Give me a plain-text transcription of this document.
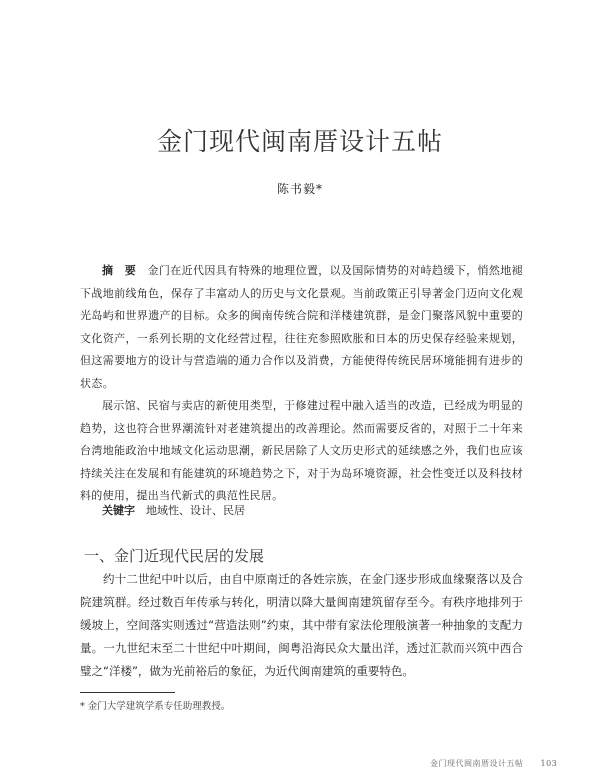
金门现代闽南厝设计五帖
陈书毅*

摘　要　 金门在近代因具有特殊的地理位置，以及国际情势的对峙趋缓下，悄然地褪下战地前线角色，保存了丰富动人的历史与文化景观。当前政策正引导著金门迈向文化观光岛屿和世界遗产的目标。众多的闽南传统合院和洋楼建筑群，是金门聚落风貌中重要的文化资产，一系列长期的文化经营过程，往往充参照欧胀和日本的历史保存经验来规划，但这需要地方的设计与营造端的通力合作以及消费，方能使得传统民居环境能拥有进步的状态。

展示馆、民宿与卖店的新使用类型，于修建过程中融入适当的改造，已经成为明显的趋势，这也符合世界潮流针对老建筑提出的改善理论。然而需要反省的，对照于二十年来台湾地能政治中地域文化运动思潮，新民居除了人文历史形式的延续感之外，我们也应该持续关注在发展和有能建筑的环境趋势之下，对于为岛环境资源，社会性变迁以及科技材料的使用，提出当代新式的典范性民居。

关键字　 地域性、设计、民居
一、金门近现代民居的发展

约十二世纪中叶以后，由自中原南迁的各姓宗族，在金门逐步形成血缘聚落以及合院建筑群。经过数百年传承与转化，明清以降大量闽南建筑留存至今。有秩序地排列于缓坡上，空间落实则透过“营造法则”约束，其中带有家法伦理般演著一种抽象的支配力量。一九世纪末至二十世纪中叶期间，闽粤沿海民众大量出洋，透过汇款而兴筑中西合璧之“洋楼”，做为光前裕后的象征，为近代闽南建筑的重要特色。

* 金门大学建筑学系专任助理教授。
金门现代闽南厝设计五帖　　103
